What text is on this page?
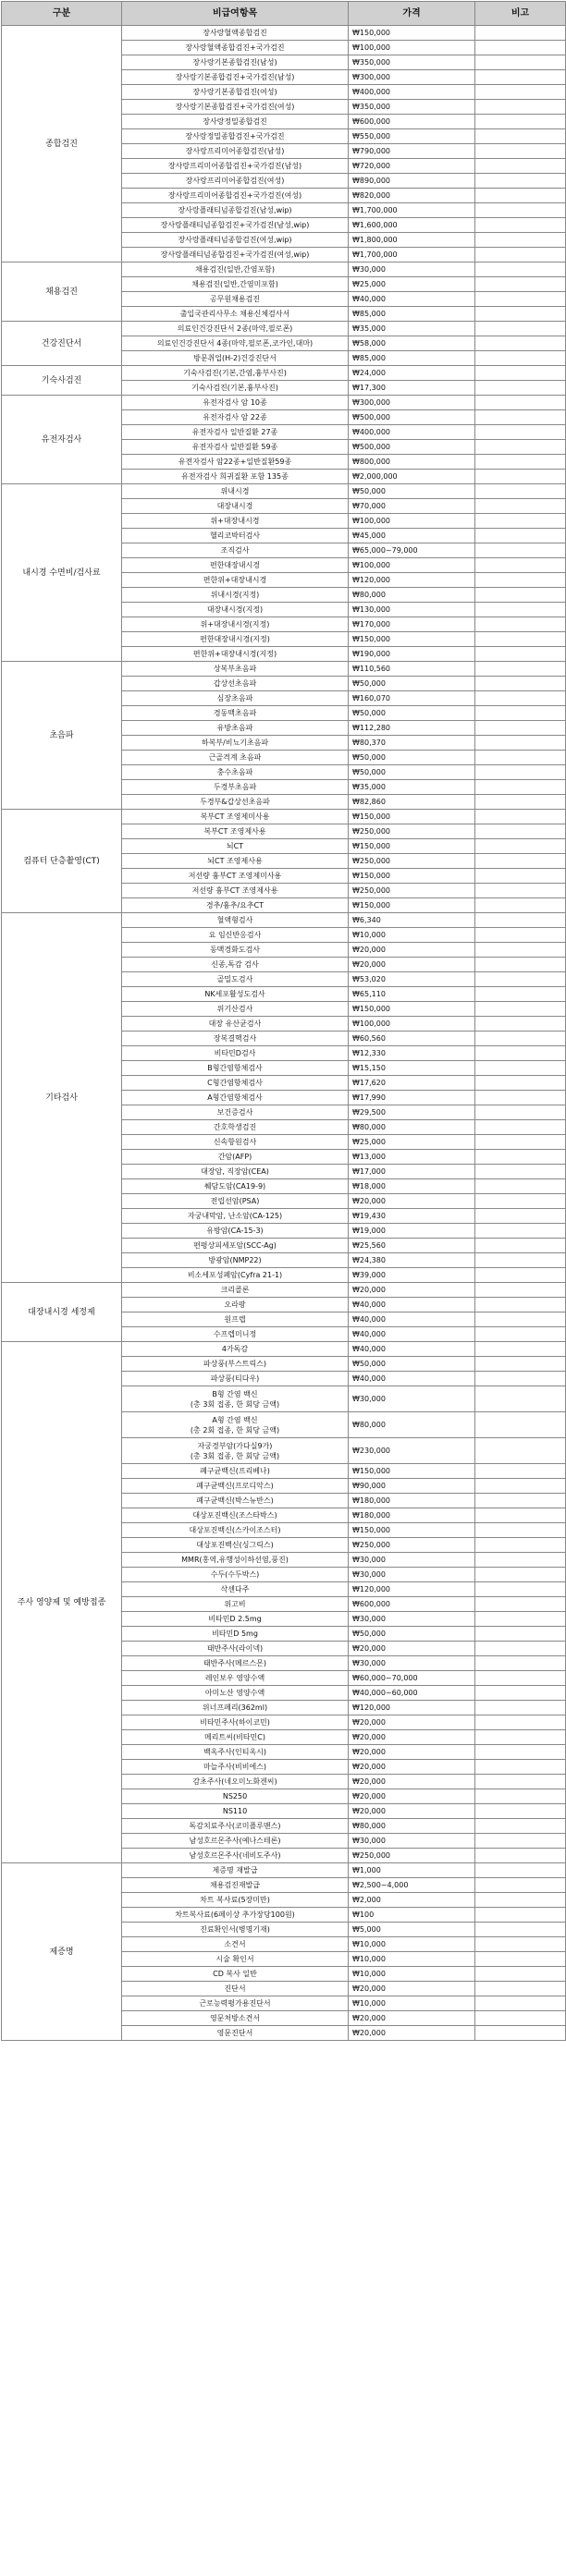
구분	비급여항목	가격	비고
종합검진	장사랑혈액종합검진	₩150,000	
	장사랑혈액종합검진+국가검진	₩100,000	
	장사랑기본종합검진(남성)	₩350,000	
	장사랑기본종합검진+국가검진(남성)	₩300,000	
	장사랑기본종합검진(여성)	₩400,000	
	장사랑기본종합검진+국가검진(여성)	₩350,000	
	장사랑정밀종합검진	₩600,000	
	장사랑정밀종합검진+국가검진	₩550,000	
	장사랑프리미어종합검진(남성)	₩790,000	
	장사랑프리미어종합검진+국가검진(남성)	₩720,000	
	장사랑프리미어종합검진(여성)	₩890,000	
	장사랑프리미어종합검진+국가검진(여성)	₩820,000	
	장사랑플래티넘종합검진(남성,wip)	₩1,700,000	
	장사랑플래티넘종합검진+국가검진(남성,wip)	₩1,600,000	
	장사랑플래티넘종합검진(여성,wip)	₩1,800,000	
	장사랑플래티넘종합검진+국가검진(여성,wip)	₩1,700,000	
채용검진	채용검진(일반,간염포함)	₩30,000	
	채용검진(일반,간염미포함)	₩25,000	
	공무원채용검진	₩40,000	
	출입국관리사무소 채용신체검사서	₩85,000	
건강진단서	의료인건강진단서 2종(마약,필로폰)	₩35,000	
	의료인건강진단서 4종(마약,필로폰,코카인,대마)	₩58,000	
	방문취업(H-2)건강진단서	₩85,000	
기숙사검진	기숙사검진(기본,간염,흉부사진)	₩24,000	
	기숙사검진(기본,흉부사진)	₩17,300	
유전자검사	유전자검사 암 10종	₩300,000	
	유전자검사 암 22종	₩500,000	
	유전자검사 일반질환 27종	₩400,000	
	유전자검사 일반질환 59종	₩500,000	
	유전자검사 암22종+일반질환59종	₩800,000	
	유전자검사 희귀질환 포함 135종	₩2,000,000	
내시경 수면비/검사료	위내시경	₩50,000	
	대장내시경	₩70,000	
	위+대장내시경	₩100,000	
	헬리코박터검사	₩45,000	
	조직검사	₩65,000~79,000	
	편한대장내시경	₩100,000	
	편한위+대장내시경	₩120,000	
	위내시경(지정)	₩80,000	
	대장내시경(지정)	₩130,000	
	위+대장내시경(지정)	₩170,000	
	편한대장내시경(지정)	₩150,000	
	편한위+대장내시경(지정)	₩190,000	
초음파	상복부초음파	₩110,560	
	갑상선초음파	₩50,000	
	심장초음파	₩160,070	
	경동맥초음파	₩50,000	
	유방초음파	₩112,280	
	하복부/비뇨기초음파	₩80,370	
	근골격계 초음파	₩50,000	
	충수초음파	₩50,000	
	두경부초음파	₩35,000	
	두경부&갑상선초음파	₩82,860	
컴퓨터 단층촬영(CT)	복부CT 조영제미사용	₩150,000	
	복부CT 조영제사용	₩250,000	
	뇌CT	₩150,000	
	뇌CT 조영제사용	₩250,000	
	저선량 흉부CT 조영제미사용	₩150,000	
	저선량 흉부CT 조영제사용	₩250,000	
	경추/흉추/요추CT	₩150,000	
기타검사	혈액형검사	₩6,340	
	요 임신반응검사	₩10,000	
	동맥경화도검사	₩20,000	
	신종,독감 검사	₩20,000	
	골밀도검사	₩53,020	
	NK세포활성도검사	₩65,110	
	위기산검사	₩150,000	
	대장 유산균검사	₩100,000	
	장복결핵검사	₩60,560	
	비타민D검사	₩12,330	
	B형간염항체검사	₩15,150	
	C형간염항체검사	₩17,620	
	A형간염항체검사	₩17,990	
	보건증검사	₩29,500	
	간호학생검진	₩80,000	
	신속항원검사	₩25,000	
	간암(AFP)	₩13,000	
	대장암, 직장암(CEA)	₩17,000	
	췌담도암(CA19-9)	₩18,000	
	전립선암(PSA)	₩20,000	
	자궁내막암, 난소암(CA-125)	₩19,430	
	유방암(CA-15-3)	₩19,000	
	편평상피세포암(SCC-Ag)	₩25,560	
	방광암(NMP22)	₩24,380	
	비소세포성폐암(Cyfra 21-1)	₩39,000	
대장내시경 세정제	크리콜론	₩20,000	
	오라팡	₩40,000	
	원프렙	₩40,000	
	수프렙미니정	₩40,000	
주사 영양제 및 예방접종	4가독감	₩40,000	
	파상풍(부스트릭스)	₩50,000	
	파상풍(티다우)	₩40,000	

	B형 간염 백신
(총 3회 접종, 한 회당 금액)	₩30,000	

	A형 간염 백신
(총 2회 접종, 한 회당 금액)	₩80,000	

	자궁경부암(가다실9가)
(총 3회 접종, 한 회당 금액)	₩230,000	
	폐구균백신(프리베나)	₩150,000	
	폐구균백신(프로디악스)	₩90,000	
	폐구균백신(박스뉴반스)	₩180,000	
	대상포진백신(조스타박스)	₩180,000	
	대상포진백신(스카이조스터)	₩150,000	
	대상포진백신(싱그릭스)	₩250,000	
	MMR(홍역,유행성이하선염,풍진)	₩30,000	
	수두(수두박스)	₩30,000	
	삭센다주	₩120,000	
	위고비	₩600,000	
	비타민D 2.5mg	₩30,000	
	비타민D 5mg	₩50,000	
	태반주사(라이넥)	₩20,000	
	태반주사(메르스몬)	₩30,000	
	레인보우 영양수액	₩60,000~70,000	
	아미노산 영양수액	₩40,000~60,000	
	위너프페리(362ml)	₩120,000	
	비타민주사(하이코민)	₩20,000	
	메리트씨(비타민C)	₩20,000	
	백옥주사(인티옥시)	₩20,000	
	마늘주사(비비에스)	₩20,000	
	감초주사(네오미노화겐씨)	₩20,000	
	NS250	₩20,000	
	NS110	₩20,000	
	독감치료주사(코미플루맨스)	₩80,000	
	남성호르몬주사(예나스테론)	₩30,000	
	남성호르몬주사(네비도주사)	₩250,000	
제증명	제증명 재발급	₩1,000	
	채용검진재발급	₩2,500~4,000	
	차트 복사료(5장미만)	₩2,000	
	차트복사료(6페이상 추가장당100원)	₩100	
	진료확인서(병명기재)	₩5,000	
	소견서	₩10,000	
	시술 확인서	₩10,000	
	CD 복사 일반	₩10,000	
	진단서	₩20,000	
	근로능력평가용진단서	₩10,000	
	영문처방소견서	₩20,000	
	영문진단서	₩20,000	
